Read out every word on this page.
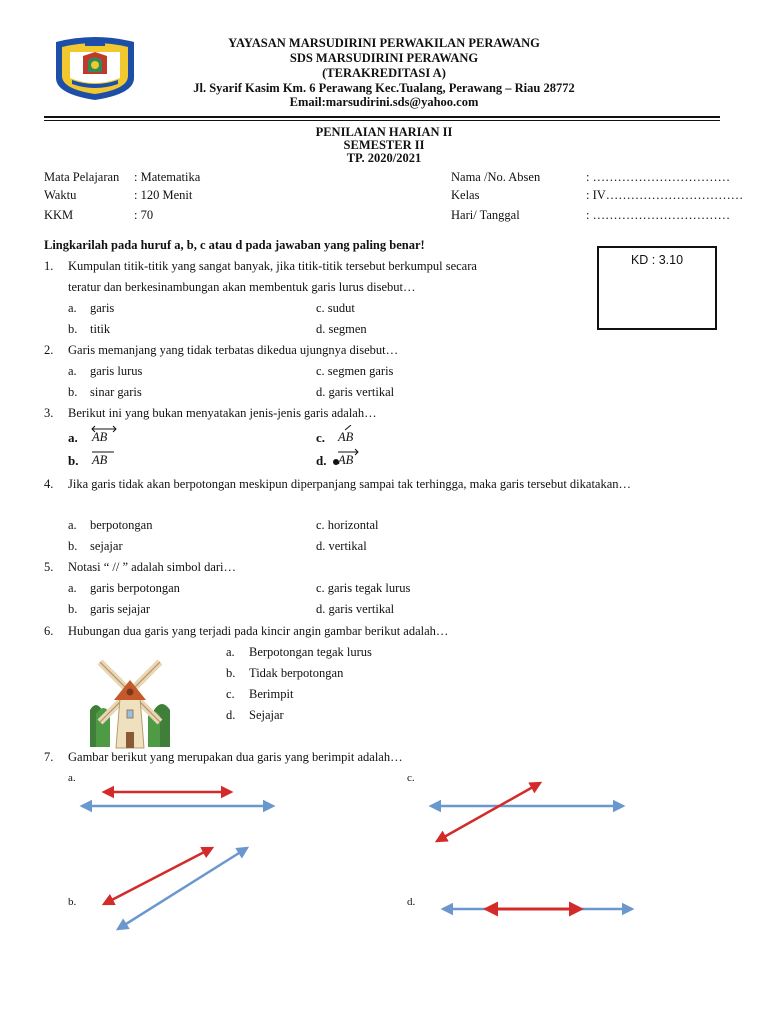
YAYASAN MARSUDIRINI PERWAKILAN PERAWANG
SDS MARSUDIRINI PERAWANG
(TERAKREDITASI A)
Jl. Syarif Kasim Km. 6 Perawang Kec.Tualang, Perawang – Riau 28772
Email:marsudirini.sds@yahoo.com
PENILAIAN HARIAN II
SEMESTER II
TP. 2020/2021
Mata Pelajaran : Matematika
Waktu	: 120 Menit
KKM	: 70
Nama /No. Absen	: ……………………………
Kelas	: IV……………………………
Hari/ Tanggal	: ……………………………
Lingkarilah pada huruf a, b, c atau d pada jawaban yang paling benar!
KD : 3.10
1. Kumpulan titik-titik yang sangat banyak, jika titik-titik tersebut berkumpul secara teratur dan berkesinambungan akan membentuk garis lurus disebut…
a. garis	c. sudut
b. titik	d. segmen
2. Garis memanjang yang tidak terbatas dikedua ujungnya disebut…
a. garis lurus	c. segmen garis
b. sinar garis	d. garis vertikal
3. Berikut ini yang bukan menyatakan jenis-jenis garis adalah…
a. AB	c. AB
b. AB	d. AB
4. Jika garis tidak akan berpotongan meskipun diperpanjang sampai tak terhingga, maka garis tersebut dikatakan…
a. berpotongan	c. horizontal
b. sejajar	d. vertikal
5. Notasi “ // ” adalah simbol dari…
a. garis berpotongan	c. garis tegak lurus
b. garis sejajar	d. garis vertikal
6. Hubungan dua garis yang terjadi pada kincir angin gambar berikut adalah…
a. Berpotongan tegak lurus
b. Tidak berpotongan
c. Berimpit
d. Sejajar
7. Gambar berikut yang merupakan dua garis yang berimpit adalah…
a.
b.
c.
d.
